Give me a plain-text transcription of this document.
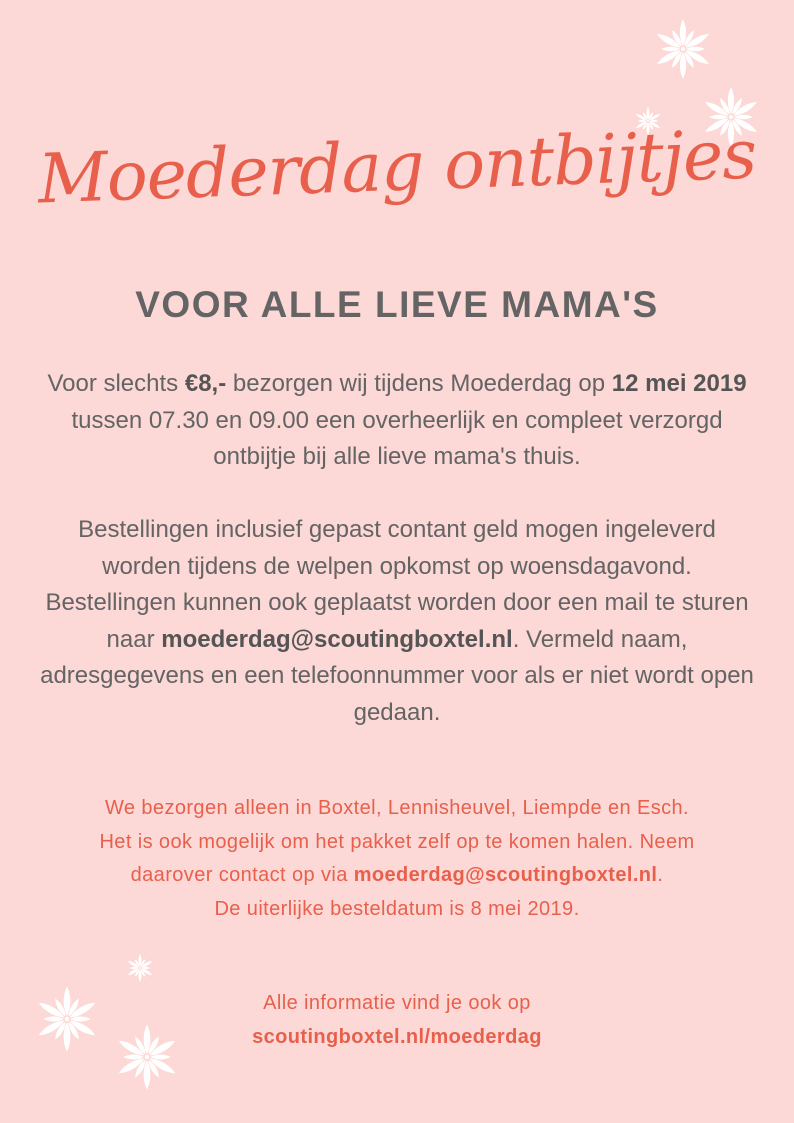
Moederdag ontbijtjes
VOOR ALLE LIEVE MAMA'S
Voor slechts €8,- bezorgen wij tijdens Moederdag op 12 mei 2019 tussen 07.30 en 09.00 een overheerlijk en compleet verzorgd ontbijtje bij alle lieve mama's thuis.
Bestellingen inclusief gepast contant geld mogen ingeleverd worden tijdens de welpen opkomst op woensdagavond. Bestellingen kunnen ook geplaatst worden door een mail te sturen naar moederdag@scoutingboxtel.nl. Vermeld naam, adresgegevens en een telefoonnummer voor als er niet wordt open gedaan.
We bezorgen alleen in Boxtel, Lennisheuvel, Liempde en Esch. Het is ook mogelijk om het pakket zelf op te komen halen. Neem daarover contact op via moederdag@scoutingboxtel.nl.
De uiterlijke besteldatum is 8 mei 2019.
Alle informatie vind je ook op
scoutingboxtel.nl/moederdag
